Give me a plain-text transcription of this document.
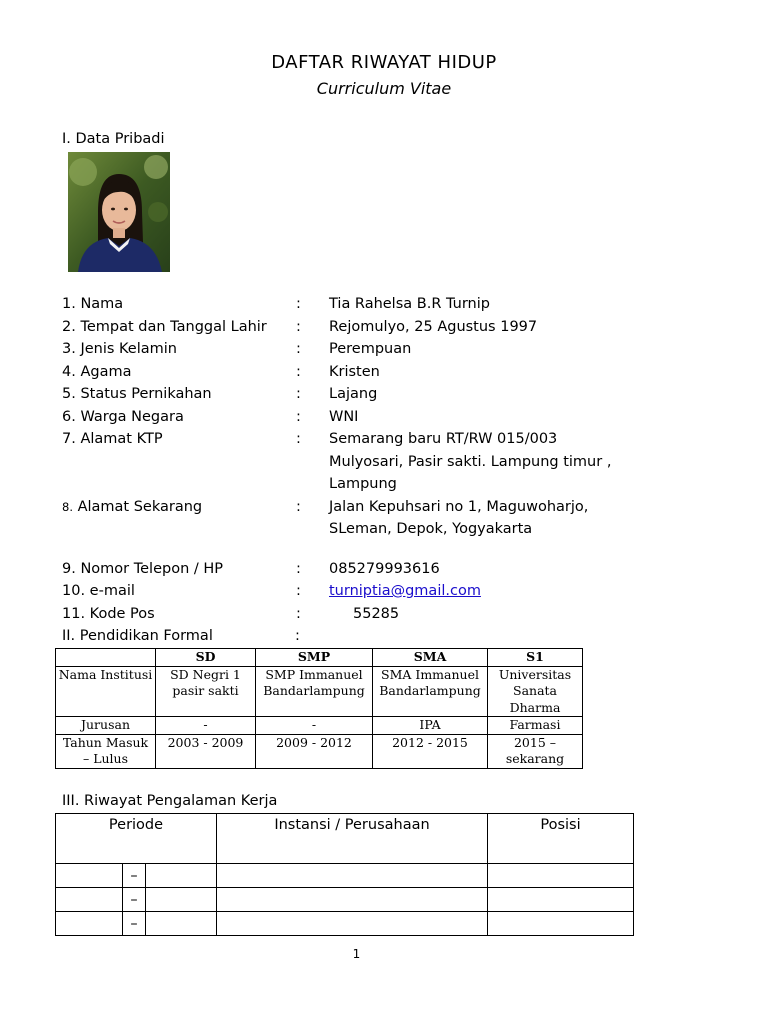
DAFTAR RIWAYAT HIDUP
Curriculum Vitae
I. Data Pribadi
1. Nama	:	Tia Rahelsa B.R Turnip
2. Tempat dan Tanggal Lahir	:	Rejomulyo, 25 Agustus 1997
3. Jenis Kelamin	:	Perempuan
4. Agama	:	Kristen
5. Status Pernikahan	:	Lajang
6. Warga Negara	:	WNI
7. Alamat KTP	:	Semarang baru RT/RW 015/003
Mulyosari, Pasir sakti. Lampung timur ,
Lampung
8. Alamat Sekarang	:	Jalan Kepuhsari no 1, Maguwoharjo,
SLeman, Depok, Yogyakarta
9. Nomor Telepon / HP	:	085279993616
10. e-mail	:	turniptia@gmail.com
11. Kode Pos	:	55285
II. Pendidikan Formal	:
	SD	SMP	SMA	S1
Nama Institusi	SD Negri 1 pasir sakti	SMP Immanuel Bandarlampung	SMA Immanuel Bandarlampung	Universitas Sanata Dharma
Jurusan	-	-	IPA	Farmasi
Tahun Masuk – Lulus	2003 - 2009	2009 - 2012	2012 - 2015	2015 – sekarang
III. Riwayat Pengalaman Kerja
Periode			Instansi / Perusahaan	Posisi
	–			
	–			
	–			
1
